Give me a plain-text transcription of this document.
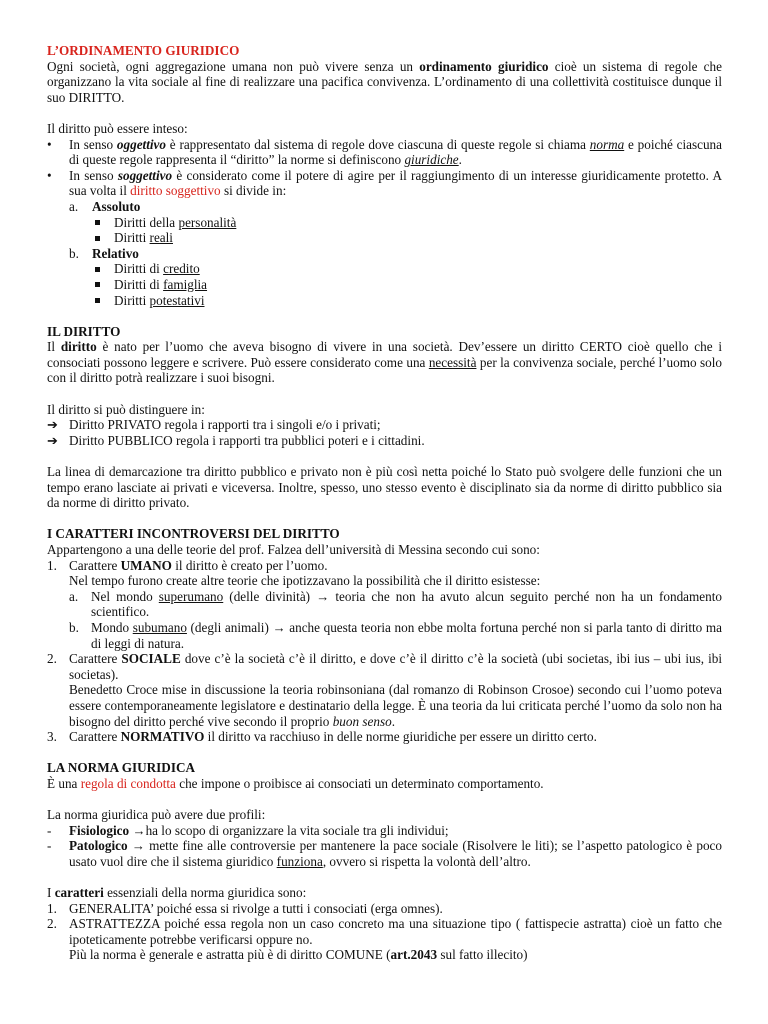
L’ORDINAMENTO GIURIDICO

Ogni società, ogni aggregazione umana non può vivere senza un ordinamento giuridico cioè un sistema di regole che organizzano la vita sociale al fine di realizzare una pacifica convivenza. L’ordinamento di una collettività costituisce dunque il suo DIRITTO.

Il diritto può essere inteso:
•	In senso oggettivo è rappresentato dal sistema di regole dove ciascuna di queste regole si chiama norma e poiché ciascuna di queste regole rappresenta il “diritto” la norme si definiscono giuridiche.
•	In senso soggettivo è considerato come il potere di agire per il raggiungimento di un interesse giuridicamente protetto. A sua volta il diritto soggettivo si divide in:
a.	Assoluto
Diritti della personalità
Diritti reali
b. Relativo
Diritti di credito
Diritti di famiglia
Diritti potestativi
IL DIRITTO

Il diritto è nato per l’uomo che aveva bisogno di vivere in una società. Dev’essere un diritto CERTO cioè quello che i consociati possono leggere e scrivere. Può essere considerato come una necessità per la convivenza sociale, perché l’uomo solo con il diritto potrà realizzare i suoi bisogni.

Il diritto si può distinguere in:
➔ Diritto PRIVATO regola i rapporti tra i singoli e/o i privati;
➔ Diritto PUBBLICO regola i rapporti tra pubblici poteri e i cittadini.

La linea di demarcazione tra diritto pubblico e privato non è più così netta poiché lo Stato può svolgere delle funzioni che un tempo erano lasciate ai privati e viceversa. Inoltre, spesso, uno stesso evento è disciplinato sia da norme di diritto pubblico sia da norme di diritto privato.

I CARATTERI INCONTROVERSI DEL DIRITTO
Appartengono a una delle teorie del prof. Falzea dell’università di Messina secondo cui sono:
1. Carattere UMANO il diritto è creato per l’uomo.
Nel tempo furono create altre teorie che ipotizzavano la possibilità che il diritto esistesse:
a. Nel mondo superumano (delle divinità) → teoria che non ha avuto alcun seguito perché non ha un fondamento scientifico.
b. Mondo subumano (degli animali) → anche questa teoria non ebbe molta fortuna perché non si parla tanto di diritto ma di leggi di natura.
2. Carattere SOCIALE dove c’è la società c’è il diritto, e dove c’è il diritto c’è la società (ubi societas, ibi ius – ubi ius, ibi societas).
Benedetto Croce mise in discussione la teoria robinsoniana (dal romanzo di Robinson Crosoe) secondo cui l’uomo poteva essere contemporaneamente legislatore e destinatario della legge. È una teoria da lui criticata perché l’uomo da solo non ha bisogno del diritto perché vive secondo il proprio buon senso.
3. Carattere NORMATIVO il diritto va racchiuso in delle norme giuridiche per essere un diritto certo.
LA NORMA GIURIDICA
È una regola di condotta che impone o proibisce ai consociati un determinato comportamento.
La norma giuridica può avere due profili:
-	Fisiologico →ha lo scopo di organizzare la vita sociale tra gli individui;
-	Patologico → mette fine alle controversie per mantenere la pace sociale (Risolvere le liti); se l’aspetto patologico è poco usato vuol dire che il sistema giuridico funziona, ovvero si rispetta la volontà dell’altro.
I caratteri essenziali della norma giuridica sono:
1. GENERALITA’ poiché essa si rivolge a tutti i consociati (erga omnes).
2. ASTRATTEZZA poiché essa regola non un caso concreto ma una situazione tipo ( fattispecie astratta) cioè un fatto che ipoteticamente potrebbe verificarsi oppure no.
Più la norma è generale e astratta più è di diritto COMUNE (art.2043 sul fatto illecito)
